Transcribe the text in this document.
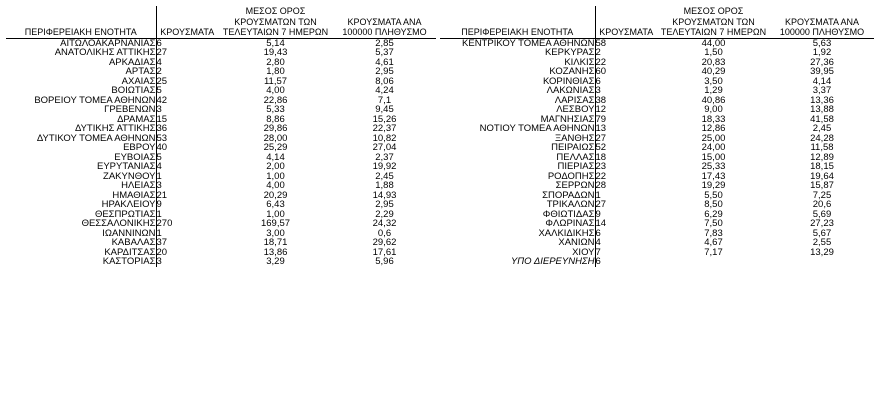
ΠΕΡΙΦΕΡΕΙΑΚΗ ΕΝΟΤΗΤΑ	ΚΡΟΥΣΜΑΤΑ	
ΜΕΣΟΣ ΟΡΟΣ
ΚΡΟΥΣΜΑΤΩΝ ΤΩΝ
ΤΕΛΕΥΤΑΙΩΝ 7 ΗΜΕΡΩΝ

ΚΡΟΥΣΜΑΤΑ ΑΝΑ
100000 ΠΛΗΘΥΣΜΟ

ΑΙΤΩΛΟΑΚΑΡΝΑΝΙΑΣ	6	5,14	2,85
ΑΝΑΤΟΛΙΚΗΣ ΑΤΤΙΚΗΣ	27	19,43	5,37
ΑΡΚΑΔΙΑΣ	4	2,80	4,61
ΑΡΤΑΣ	2	1,80	2,95
ΑΧΑΪΑΣ	25	11,57	8,06
ΒΟΙΩΤΙΑΣ	5	4,00	4,24
ΒΟΡΕΙΟΥ ΤΟΜΕΑ ΑΘΗΝΩΝ	42	22,86	7,1
ΓΡΕΒΕΝΩΝ	3	5,33	9,45
ΔΡΑΜΑΣ	15	8,86	15,26
ΔΥΤΙΚΗΣ ΑΤΤΙΚΗΣ	36	29,86	22,37
ΔΥΤΙΚΟΥ ΤΟΜΕΑ ΑΘΗΝΩΝ	53	28,00	10,82
ΕΒΡΟΥ	40	25,29	27,04
ΕΥΒΟΙΑΣ	5	4,14	2,37
ΕΥΡΥΤΑΝΙΑΣ	4	2,00	19,92
ΖΑΚΥΝΘΟΥ	1	1,00	2,45
ΗΛΕΙΑΣ	3	4,00	1,88
ΗΜΑΘΙΑΣ	21	20,29	14,93
ΗΡΑΚΛΕΙΟΥ	9	6,43	2,95
ΘΕΣΠΡΩΤΙΑΣ	1	1,00	2,29
ΘΕΣΣΑΛΟΝΙΚΗΣ	270	169,57	24,32
ΙΩΑΝΝΙΝΩΝ	1	3,00	0,6
ΚΑΒΑΛΑΣ	37	18,71	29,62
ΚΑΡΔΙΤΣΑΣ	20	13,86	17,61
ΚΑΣΤΟΡΙΑΣ	3	3,29	5,96
ΠΕΡΙΦΕΡΕΙΑΚΗ ΕΝΟΤΗΤΑ	ΚΡΟΥΣΜΑΤΑ	
ΜΕΣΟΣ ΟΡΟΣ
ΚΡΟΥΣΜΑΤΩΝ ΤΩΝ
ΤΕΛΕΥΤΑΙΩΝ 7 ΗΜΕΡΩΝ

ΚΡΟΥΣΜΑΤΑ ΑΝΑ
100000 ΠΛΗΘΥΣΜΟ

ΚΕΝΤΡΙΚΟΥ ΤΟΜΕΑ ΑΘΗΝΩΝ	58	44,00	5,63
ΚΕΡΚΥΡΑΣ	2	1,50	1,92
ΚΙΛΚΙΣ	22	20,83	27,36
ΚΟΖΑΝΗΣ	60	40,29	39,95
ΚΟΡΙΝΘΙΑΣ	6	3,50	4,14
ΛΑΚΩΝΙΑΣ	3	1,29	3,37
ΛΑΡΙΣΑΣ	38	40,86	13,36
ΛΕΣΒΟΥ	12	9,00	13,88
ΜΑΓΝΗΣΙΑΣ	79	18,33	41,58
ΝΟΤΙΟΥ ΤΟΜΕΑ ΑΘΗΝΩΝ	13	12,86	2,45
ΞΑΝΘΗΣ	27	25,00	24,28
ΠΕΙΡΑΙΩΣ	52	24,00	11,58
ΠΕΛΛΑΣ	18	15,00	12,89
ΠΙΕΡΙΑΣ	23	25,33	18,15
ΡΟΔΟΠΗΣ	22	17,43	19,64
ΣΕΡΡΩΝ	28	19,29	15,87
ΣΠΟΡΑΔΩΝ	1	5,50	7,25
ΤΡΙΚΑΛΩΝ	27	8,50	20,6
ΦΘΙΩΤΙΔΑΣ	9	6,29	5,69
ΦΛΩΡΙΝΑΣ	14	7,50	27,23
ΧΑΛΚΙΔΙΚΗΣ	6	7,83	5,67
ΧΑΝΙΩΝ	4	4,67	2,55
ΧΙΟΥ	7	7,17	13,29
ΥΠΟ ΔΙΕΡΕΥΝΗΣΗ	6		
